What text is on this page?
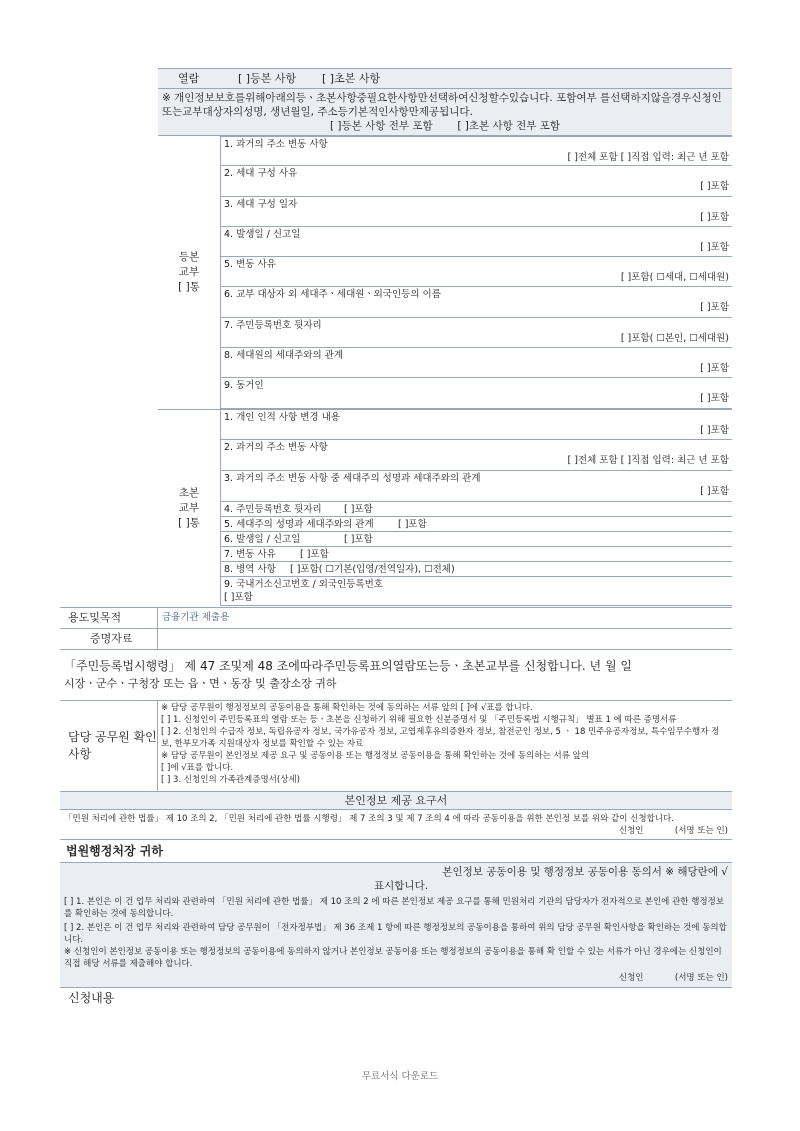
열람	[ ]등본 사항	[ ]초본 사항
※ 개인정보보호를위해아래의등ㆍ초본사항중필요한사항만선택하여신청할수있습니다. 포함여부 를선택하지않을경우신청인또는교부대상자의성명, 생년월일, 주소등기본적인사항만제공됩니다.
[ ]등본 사항 전부 포함 [ ]초본 사항 전부 포함
등본
교부
[ ]통
1. 과거의 주소 변동 사항
[ ]전체 포함 [ ]직접 입력: 최근 년 포함
2. 세대 구성 사유
[ ]포함
3. 세대 구성 일자
[ ]포함
4. 발생일 / 신고일
[ ]포함
5. 변동 사유
[ ]포함( ☐세대, ☐세대원)
6. 교부 대상자 외 세대주ㆍ세대원ㆍ외국인등의 이름
[ ]포함
7. 주민등록번호 뒷자리
[ ]포함( ☐본인, ☐세대원)
8. 세대원의 세대주와의 관계
[ ]포함
9. 동거인
[ ]포함
초본
교부
[ ]통
1. 개인 인적 사항 변경 내용
[ ]포함
2. 과거의 주소 변동 사항
[ ]전체 포함 [ ]직접 입력: 최근 년 포함
3. 과거의 주소 변동 사항 중 세대주의 성명과 세대주와의 관계
[ ]포함
4. 주민등록번호 뒷자리	[ ]포함
5. 세대주의 성명과 세대주와의 관계	[ ]포함
6. 발생일 / 신고일	[ ]포함
7. 변동 사유	[ ]포함
8. 병역 사항	[ ]포함( ☐기본(입영/전역일자), ☐전체)
9. 국내거소신고번호 / 외국인등록번호
[ ]포함
용도및목적	금융기관 제출용
증명자료
「주민등록법시행령」 제 47 조및제 48 조에따라주민등록표의열람또는등ㆍ초본교부를 신청합니다. 년 월 일
시장ㆍ군수ㆍ구청장 또는 읍ㆍ면ㆍ동장 및 출장소장 귀하
담당 공무원 확인 사항
※ 담당 공무원이 행정정보의 공동이용을 통해 확인하는 것에 동의하는 서류 앞의 [ ]에 √표를 합니다.
[ ] 1. 신청인이 주민등록표의 열람 또는 등ㆍ초본을 신청하기 위해 필요한 신분증명서 및 「주민등록법 시행규칙」 별표 1 에 따른 증명서류
[ ] 2. 신청인의 수급자 정보, 독립유공자 정보, 국가유공자 정보, 고엽제후유의증환자 정보, 참전군인 정보, 5 ㆍ 18 민주유공자정보, 특수임무수행자 정보, 한부모가족 지원대상자 정보를 확인할 수 있는 자료
※ 담당 공무원이 본인정보 제공 요구 및 공동이용 또는 행정정보 공동이용을 통해 확인하는 것에 동의하는 서류 앞의
[ ]에 √표를 합니다.
[ ] 3. 신청인의 가족관계증명서(상세)
본인정보 제공 요구서
「민원 처리에 관한 법률」 제 10 조의 2, 「민원 처리에 관한 법률 시행령」 제 7 조의 3 및 제 7 조의 4 에 따라 공동이용을 위한 본인정 보를 위와 같이 신청합니다.
신청인	(서명 또는 인)
법원행정처장 귀하
본인정보 공동이용 및 행정정보 공동이용 동의서 ※ 해당란에 √
표시합니다.
[ ] 1. 본인은 이 건 업무 처리와 관련하여 「민원 처리에 관한 법률」 제 10 조의 2 에 따른 본인정보 제공 요구를 통해 민원처리 기관의 담당자가 전자적으로 본인에 관한 행정정보를 확인하는 것에 동의합니다.
[ ] 2. 본인은 이 건 업무 처리와 관련하여 담당 공무원이 「전자정부법」 제 36 조제 1 항에 따른 행정정보의 공동이용을 통하여 위의 담당 공무원 확인사항을 확인하는 것에 동의합니다.
※ 신청인이 본인정보 공동이용 또는 행정정보의 공동이용에 동의하지 않거나 본인정보 공동이용 또는 행정정보의 공동이용을 통해 확 인할 수 있는 서류가 아닌 경우에는 신청인이 직접 해당 서류를 제출해야 합니다.
신청인	(서명 또는 인)
신청내용
무료서식 다운로드
